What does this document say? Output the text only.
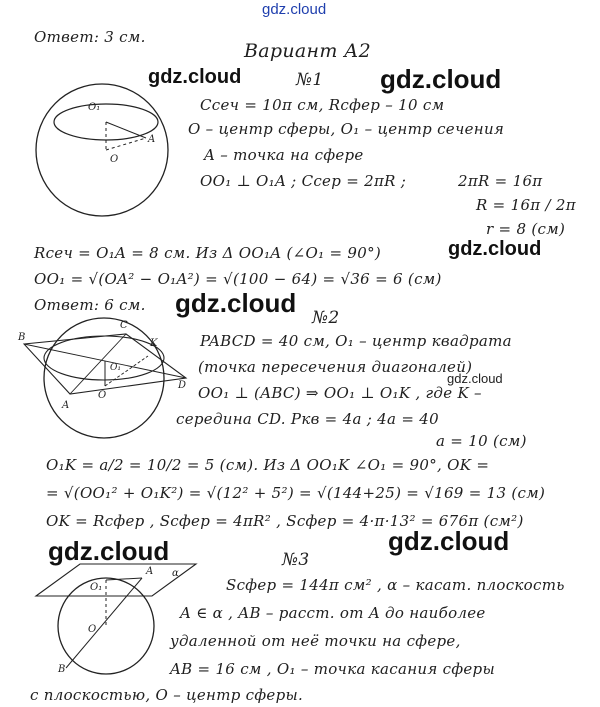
gdz.cloud
gdz.cloud	gdz.cloud
gdz.cloud
gdz.cloud
gdz.cloud
gdz.cloud	gdz.cloud
Ответ: 3 см.
Вариант А2
O₁
A
O
№1
Cсеч = 10π см, Rсфер – 10 см
O – центр сферы, O₁ – центр сечения
A – точка на сфере
OO₁ ⊥ O₁A ; Cсер = 2πR ;	2πR = 16π
R = 16π / 2π
r = 8 (см)
Rсеч = O₁A = 8 см. Из Δ OO₁A (∠O₁ = 90°)
OO₁ = √(OA² − O₁A²) = √(100 − 64) = √36 = 6 (см)
Ответ: 6 см.
B
C
K
D
A
O₁
O
№2
PABCD = 40 см, O₁ – центр квадрата
(точка пересечения диагоналей)
OO₁ ⊥ (ABC) ⇒ OO₁ ⊥ O₁K , где K –
середина CD. Pкв = 4a ; 4a = 40
a = 10 (см)
O₁K = a/2 = 10/2 = 5 (см). Из Δ OO₁K ∠O₁ = 90°, OK =
= √(OO₁² + O₁K²) = √(12² + 5²) = √(144+25) = √169 = 13 (см)
OK = Rсфер , Sсфер = 4πR² , Sсфер = 4·π·13² = 676π (см²)
O₁
A α
O
B
№3
Sсфер = 144π см² , α – касат. плоскость
A ∈ α , AB – расст. от A до наиболее
удаленной от неё точки на сфере,
AB = 16 см , O₁ – точка касания сферы
с плоскостью, O – центр сферы.
